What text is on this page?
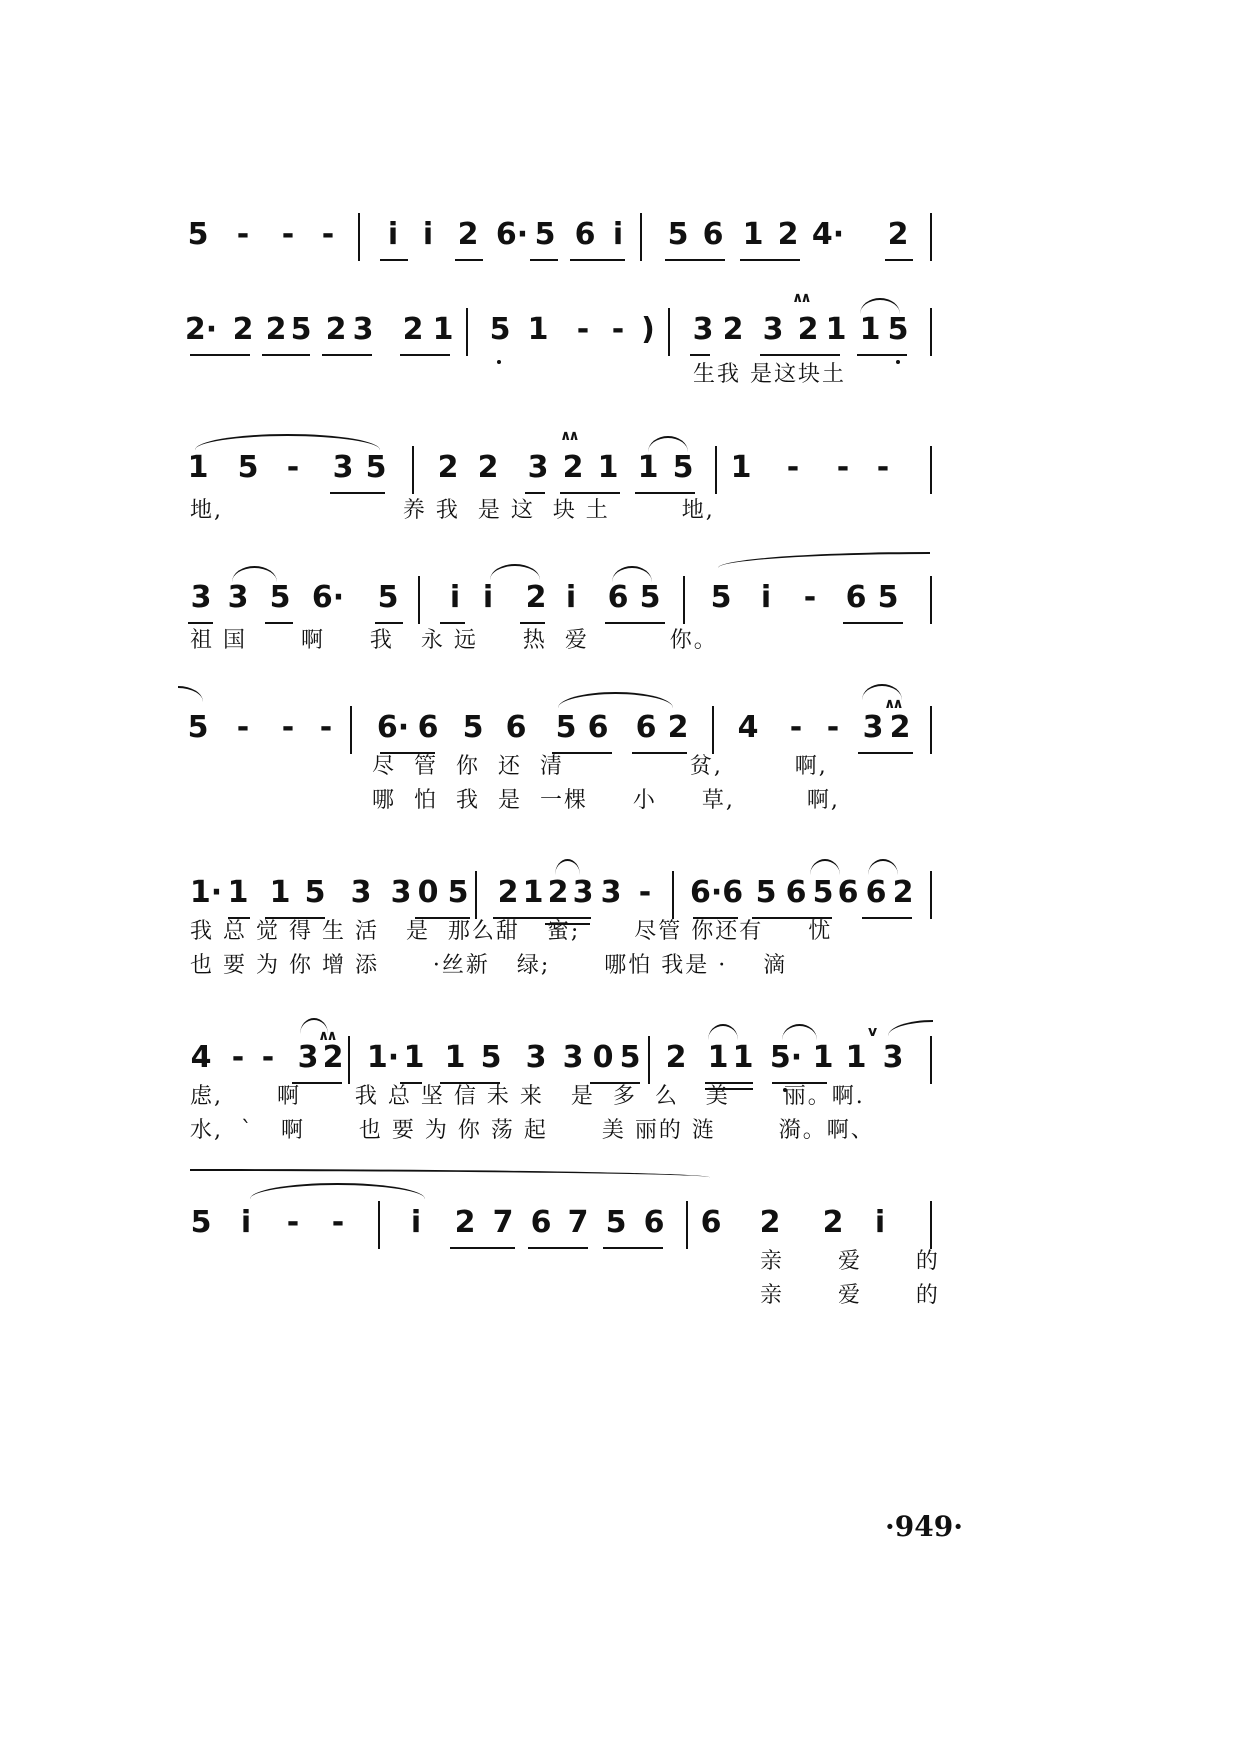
5 -	- -	i i 2 6· 5 6 i	5 6 1 2 4· 2
2· 2 2 5 2 3 2 1 5 1 - - )	3 2 3 2 1 1 5
∧∧
生我 是这块土
1 5 -	3 5 2 2 3 2 1 1 5 1	-	- -
∧∧
地,                    养 我  是 这  块 土        地,
3 3 5 6· 5	i i	2 i	6 5 5 i	- 6 5
祖 国      啊     我   永 远     热  爱         你。
5 -	- -	6· 6 5 6 5 6 6 2 4	- - 3 2
∧∧
尽  管  你  还  清              贫,        啊,
哪  怕  我  是  一棵     小     草,        啊,
1· 1 1 5 3 3 0 5 2 1 2 3 3 -	6·6 5 6 5 6 6 2
我 总 觉 得 生 活   是  那么甜   蜜;      尽管 你还有     忧
也 要 为 你 增 添      ·丝新   绿;      哪怕 我是 ·    滴
4 - - 3 2 1· 1 1 5 3 3 0 5 2 1 1 5· 1 1 3
∧∧	v
虑,      啊      我 总 坚 信 未 来   是  多  么   美      丽。啊.
水,  ˋ   啊      也 要 为 你 荡 起      美 丽的 涟       漪。啊、
5 i	-	-	i	2 7 6 7 5 6 6 2 2	i
亲      爱      的
亲      爱      的
·949·
